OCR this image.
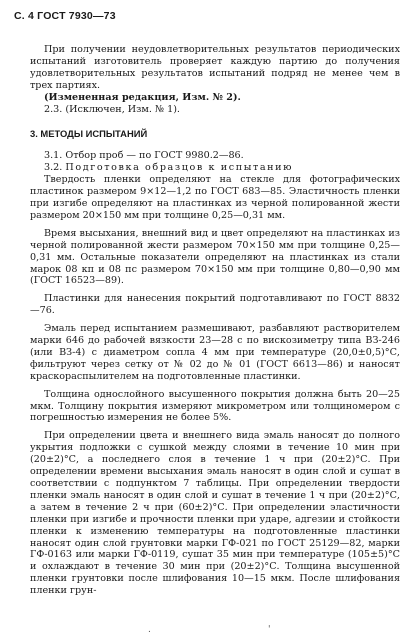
С. 4 ГОСТ 7930—73

При получении неудовлетворительных результатов периодических испытаний изготовитель проверяет каждую партию до получения удовлетворительных результатов испытаний подряд не менее чем в трех партиях.

(Измененная редакция, Изм. № 2).

2.3. (Исключен, Изм. № 1).

3. МЕТОДЫ ИСПЫТАНИЙ

3.1. Отбор проб — по ГОСТ 9980.2—86.

3.2. Подготовка образцов к испытанию

Твердость пленки определяют на стекле для фотографических пластинок размером 9×12—1,2 по ГОСТ 683—85. Эластичность пленки при изгибе определяют на пластинках из черной полированной жести размером 20×150 мм при толщине 0,25—0,31 мм.

Время высыхания, внешний вид и цвет определяют на пластинках из черной полированной жести размером 70×150 мм при толщине 0,25—0,31 мм. Остальные показатели определяют на пластинках из стали марок 08 кп и 08 пс размером 70×150 мм при толщине 0,80—0,90 мм (ГОСТ 16523—89).

Пластинки для нанесения покрытий подготавливают по ГОСТ 8832—76.

Эмаль перед испытанием размешивают, разбавляют растворителем марки 646 до рабочей вязкости 23—28 с по вискозиметру типа ВЗ-246 (или ВЗ-4) с диаметром сопла 4 мм при температуре (20,0±0,5)°С, фильтруют через сетку от № 02 до № 01 (ГОСТ 6613—86) и наносят краскораспылителем на подготовленные пластинки.

Толщина однослойного высушенного покрытия должна быть 20—25 мкм. Толщину покрытия измеряют микрометром или толщиномером с погрешностью измерения не более 5%.

При определении цвета и внешнего вида эмаль наносят до полного укрытия подложки с сушкой между слоями в течение 10 мин при (20±2)°С, а последнего слоя в течение 1 ч при (20±2)°С. При определении времени высыхания эмаль наносят в один слой и сушат в соответствии с подпунктом 7 таблицы. При определении твердости пленки эмаль наносят в один слой и сушат в течение 1 ч при (20±2)°С, а затем в течение 2 ч при (60±2)°С. При определении эластичности пленки при изгибе и прочности пленки при ударе, адгезии и стойкости пленки к изменению температуры на подготовленные пластинки наносят один слой грунтовки марки ГФ-021 по ГОСТ 25129—82, марки ГФ-0163 или марки ГФ-0119, сушат 35 мин при температуре (105±5)°С и охлаждают в течение 30 мин при (20±2)°С. Толщина высушенной пленки грунтовки после шлифования 10—15 мкм. После шлифования пленки грун-

.	'
